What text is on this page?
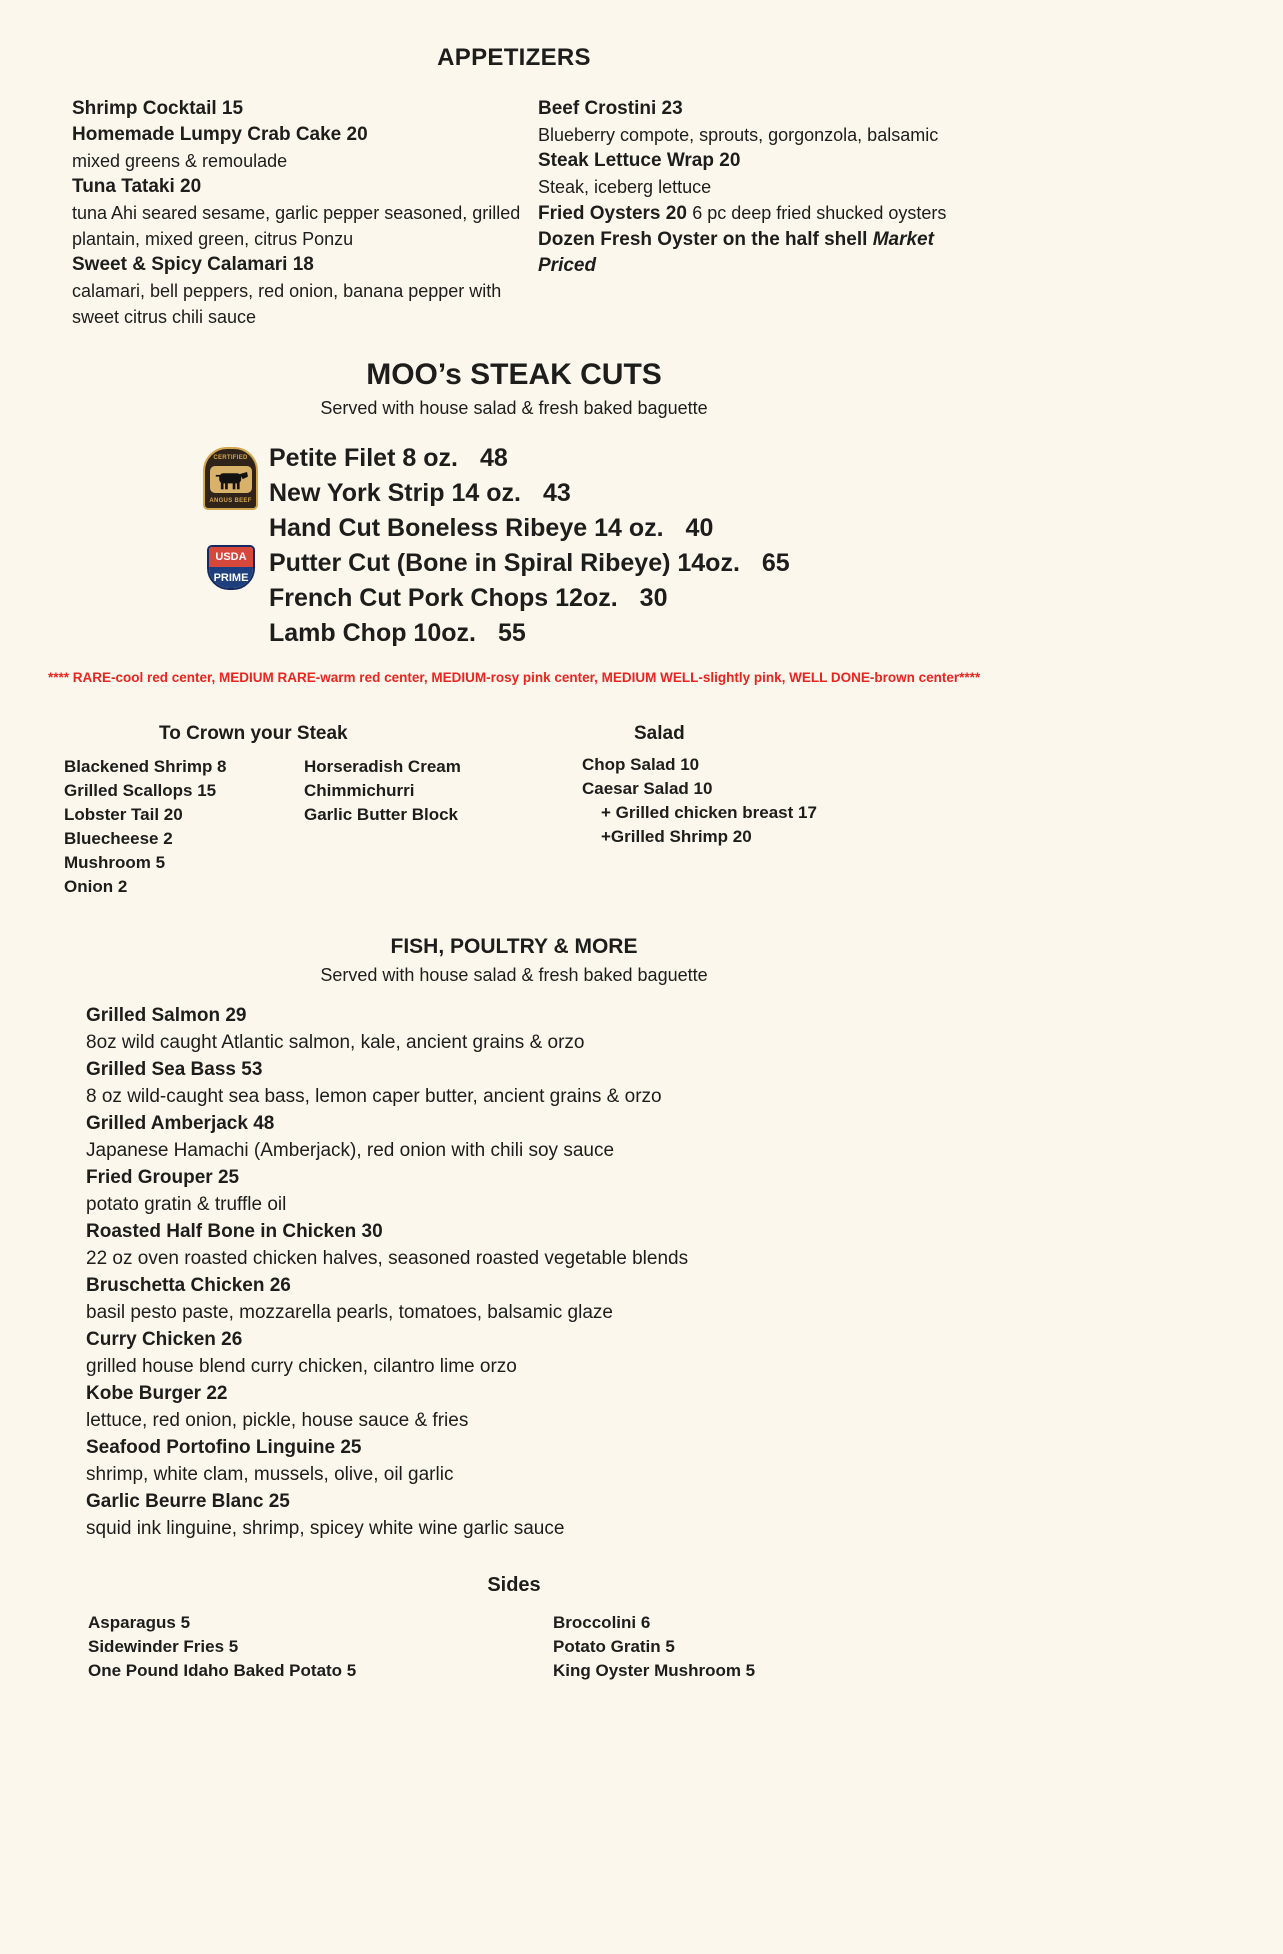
APPETIZERS
Shrimp Cocktail 15
Homemade Lumpy Crab Cake 20
mixed greens & remoulade
Tuna Tataki 20
tuna Ahi seared sesame, garlic pepper seasoned, grilled plantain, mixed green, citrus Ponzu
Sweet & Spicy Calamari 18
calamari, bell peppers, red onion, banana pepper with sweet citrus chili sauce
Beef Crostini 23
Blueberry compote, sprouts, gorgonzola, balsamic
Steak Lettuce Wrap 20
Steak, iceberg lettuce
Fried Oysters 20 6 pc deep fried shucked oysters
Dozen Fresh Oyster on the half shell Market Priced
MOO’s STEAK CUTS
Served with house salad & fresh baked baguette
CERTIFIED
ANGUS BEEF
USDA
PRIME
Petite Filet 8 oz. 48
New York Strip 14 oz. 43
Hand Cut Boneless Ribeye 14 oz. 40
Putter Cut (Bone in Spiral Ribeye) 14oz. 65
French Cut Pork Chops 12oz. 30
Lamb Chop 10oz. 55
**** RARE-cool red center, MEDIUM RARE-warm red center, MEDIUM-rosy pink center, MEDIUM WELL-slightly pink, WELL DONE-brown center****
To Crown your Steak
Blackened Shrimp 8
Grilled Scallops 15
Lobster Tail 20
Bluecheese 2
Mushroom 5
Onion 2
Horseradish Cream
Chimmichurri
Garlic Butter Block
Salad
Chop Salad 10
Caesar Salad 10
+ Grilled chicken breast 17
+Grilled Shrimp 20
FISH, POULTRY & MORE
Served with house salad & fresh baked baguette
Grilled Salmon 29
8oz wild caught Atlantic salmon, kale, ancient grains & orzo
Grilled Sea Bass 53
8 oz wild-caught sea bass, lemon caper butter, ancient grains & orzo
Grilled Amberjack 48
Japanese Hamachi (Amberjack), red onion with chili soy sauce
Fried Grouper 25
potato gratin & truffle oil
Roasted Half Bone in Chicken 30
22 oz oven roasted chicken halves, seasoned roasted vegetable blends
Bruschetta Chicken 26
basil pesto paste, mozzarella pearls, tomatoes, balsamic glaze
Curry Chicken 26
grilled house blend curry chicken, cilantro lime orzo
Kobe Burger 22
lettuce, red onion, pickle, house sauce & fries
Seafood Portofino Linguine 25
shrimp, white clam, mussels, olive, oil garlic
Garlic Beurre Blanc 25
squid ink linguine, shrimp, spicey white wine garlic sauce
Sides
Asparagus 5
Sidewinder Fries 5
One Pound Idaho Baked Potato 5
Broccolini 6
Potato Gratin 5
King Oyster Mushroom 5
